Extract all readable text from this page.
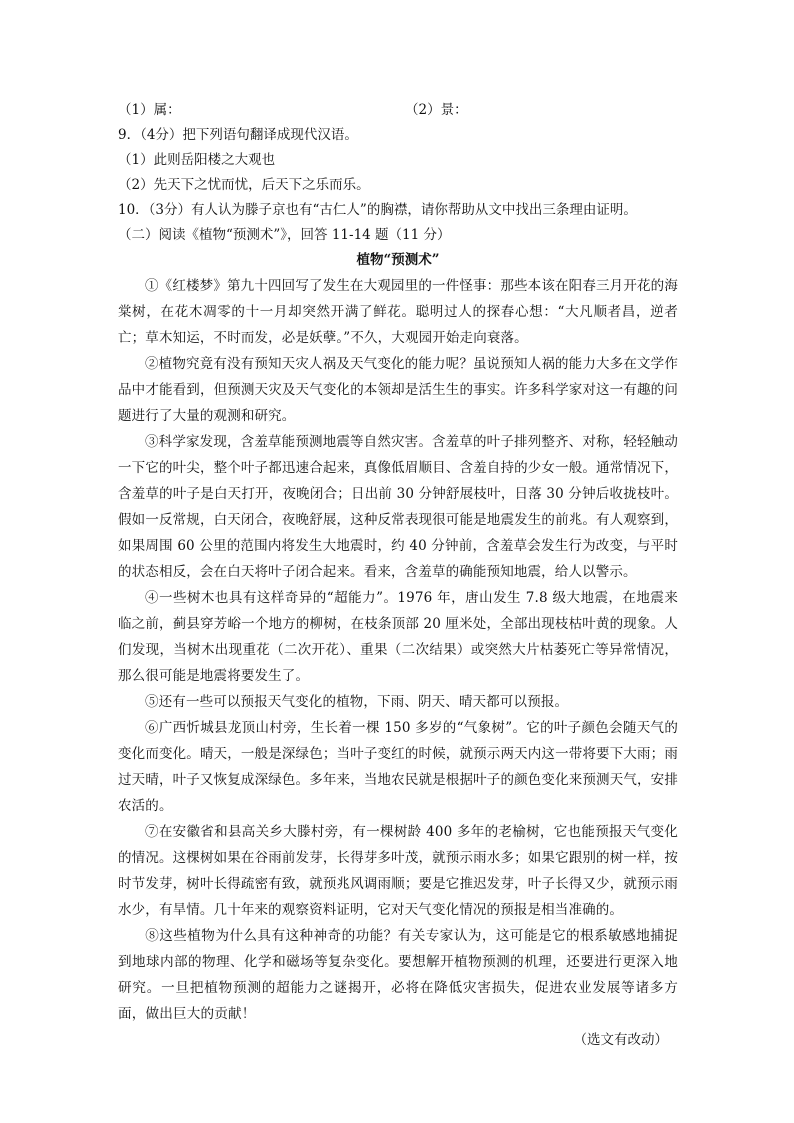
（1）属：	（2）景：
9．（4分）把下列语句翻译成现代汉语。
（1）此则岳阳楼之大观也
（2）先天下之忧而忧，后天下之乐而乐。
10．（3分）有人认为滕子京也有“古仁人”的胸襟，请你帮助从文中找出三条理由证明。
（二）阅读《植物“预测术”》，回答 11-14 题（11 分）
植物“预测术”

①《红楼梦》第九十四回写了发生在大观园里的一件怪事：那些本该在阳春三月开花的海棠树，在花木凋零的十一月却突然开满了鲜花。聪明过人的探春心想：“大凡顺者昌，逆者亡；草木知运，不时而发，必是妖孽。”不久，大观园开始走向衰落。

②植物究竟有没有预知天灾人祸及天气变化的能力呢？虽说预知人祸的能力大多在文学作品中才能看到，但预测天灾及天气变化的本领却是活生生的事实。许多科学家对这一有趣的问题进行了大量的观测和研究。

③科学家发现，含羞草能预测地震等自然灾害。含羞草的叶子排列整齐、对称，轻轻触动一下它的叶尖，整个叶子都迅速合起来，真像低眉顺目、含羞自持的少女一般。通常情况下，含羞草的叶子是白天打开，夜晚闭合；日出前 30 分钟舒展枝叶，日落 30 分钟后收拢枝叶。假如一反常规，白天闭合，夜晚舒展，这种反常表现很可能是地震发生的前兆。有人观察到，如果周围 60 公里的范围内将发生大地震时，约 40 分钟前，含羞草会发生行为改变，与平时的状态相反，会在白天将叶子闭合起来。看来，含羞草的确能预知地震，给人以警示。

④一些树木也具有这样奇异的“超能力”。1976 年，唐山发生 7.8 级大地震，在地震来临之前，蓟县穿芳峪一个地方的柳树，在枝条顶部 20 厘米处，全部出现枝枯叶黄的现象。人们发现，当树木出现重花（二次开花）、重果（二次结果）或突然大片枯萎死亡等异常情况，那么很可能是地震将要发生了。

⑤还有一些可以预报天气变化的植物，下雨、阴天、晴天都可以预报。

⑥广西忻城县龙顶山村旁，生长着一棵 150 多岁的“气象树”。它的叶子颜色会随天气的变化而变化。晴天，一般是深绿色；当叶子变红的时候，就预示两天内这一带将要下大雨；雨过天晴，叶子又恢复成深绿色。多年来，当地农民就是根据叶子的颜色变化来预测天气，安排农活的。

⑦在安徽省和县高关乡大滕村旁，有一棵树龄 400 多年的老榆树，它也能预报天气变化的情况。这棵树如果在谷雨前发芽，长得芽多叶茂，就预示雨水多；如果它跟别的树一样，按时节发芽，树叶长得疏密有致，就预兆风调雨顺；要是它推迟发芽，叶子长得又少，就预示雨水少，有旱情。几十年来的观察资料证明，它对天气变化情况的预报是相当准确的。

⑧这些植物为什么具有这种神奇的功能？有关专家认为，这可能是它的根系敏感地捕捉到地球内部的物理、化学和磁场等复杂变化。要想解开植物预测的机理，还要进行更深入地研究。一旦把植物预测的超能力之谜揭开，必将在降低灾害损失，促进农业发展等诸多方面，做出巨大的贡献！

（选文有改动）
